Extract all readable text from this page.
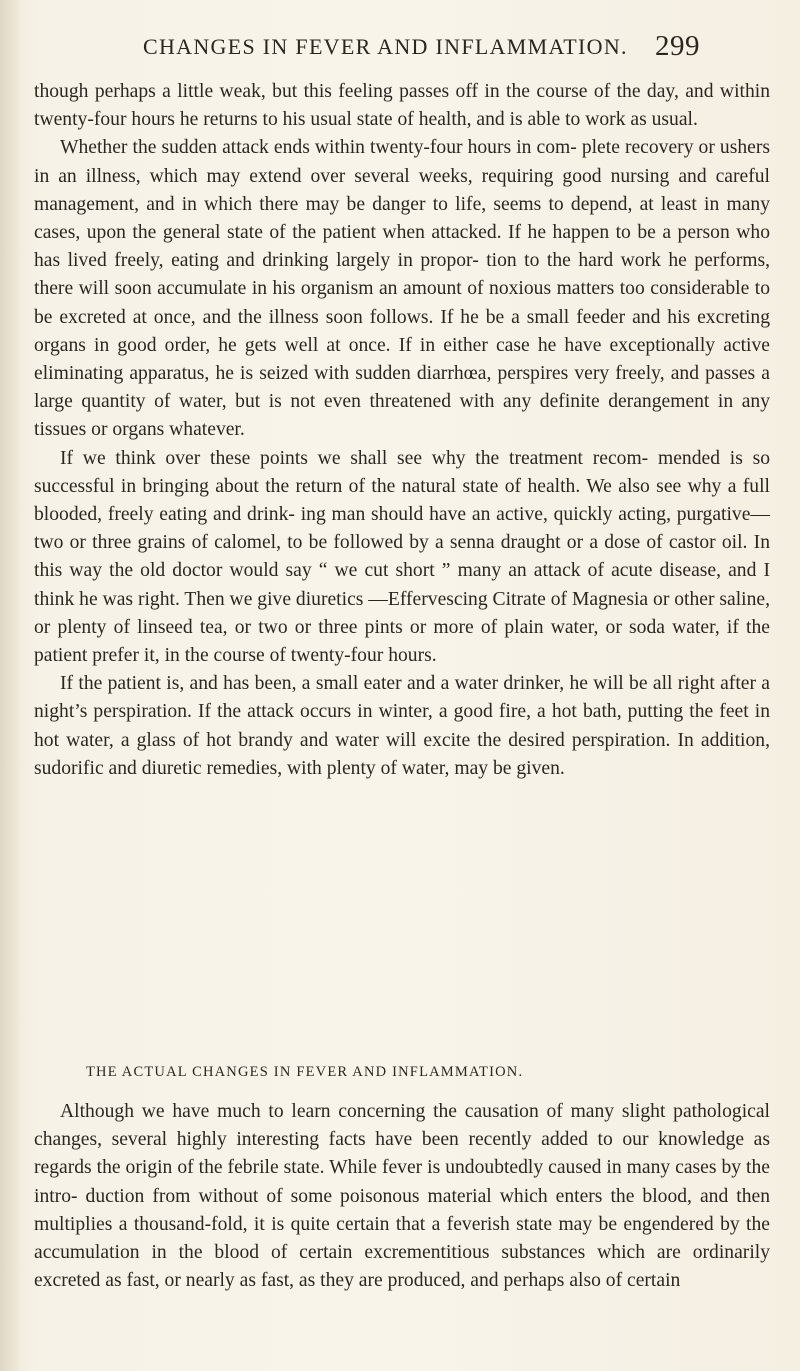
CHANGES IN FEVER AND INFLAMMATION. 299

though perhaps a little weak, but this feeling passes off in the course of the day, and within twenty-four hours he returns to his usual state of health, and is able to work as usual.

Whether the sudden attack ends within twenty-four hours in com- plete recovery or ushers in an illness, which may extend over several weeks, requiring good nursing and careful management, and in which there may be danger to life, seems to depend, at least in many cases, upon the general state of the patient when attacked. If he happen to be a person who has lived freely, eating and drinking largely in propor- tion to the hard work he performs, there will soon accumulate in his organism an amount of noxious matters too considerable to be excreted at once, and the illness soon follows. If he be a small feeder and his excreting organs in good order, he gets well at once. If in either case he have exceptionally active eliminating apparatus, he is seized with sudden diarrhœa, perspires very freely, and passes a large quantity of water, but is not even threatened with any definite derangement in any tissues or organs whatever.

If we think over these points we shall see why the treatment recom- mended is so successful in bringing about the return of the natural state of health. We also see why a full blooded, freely eating and drink- ing man should have an active, quickly acting, purgative—two or three grains of calomel, to be followed by a senna draught or a dose of castor oil. In this way the old doctor would say “ we cut short ” many an attack of acute disease, and I think he was right. Then we give diuretics —Effervescing Citrate of Magnesia or other saline, or plenty of linseed tea, or two or three pints or more of plain water, or soda water, if the patient prefer it, in the course of twenty-four hours.

If the patient is, and has been, a small eater and a water drinker, he will be all right after a night’s perspiration. If the attack occurs in winter, a good fire, a hot bath, putting the feet in hot water, a glass of hot brandy and water will excite the desired perspiration. In addition, sudorific and diuretic remedies, with plenty of water, may be given.

THE ACTUAL CHANGES IN FEVER AND INFLAMMATION.

Although we have much to learn concerning the causation of many slight pathological changes, several highly interesting facts have been recently added to our knowledge as regards the origin of the febrile state. While fever is undoubtedly caused in many cases by the intro- duction from without of some poisonous material which enters the blood, and then multiplies a thousand-fold, it is quite certain that a feverish state may be engendered by the accumulation in the blood of certain excrementitious substances which are ordinarily excreted as fast, or nearly as fast, as they are produced, and perhaps also of certain
